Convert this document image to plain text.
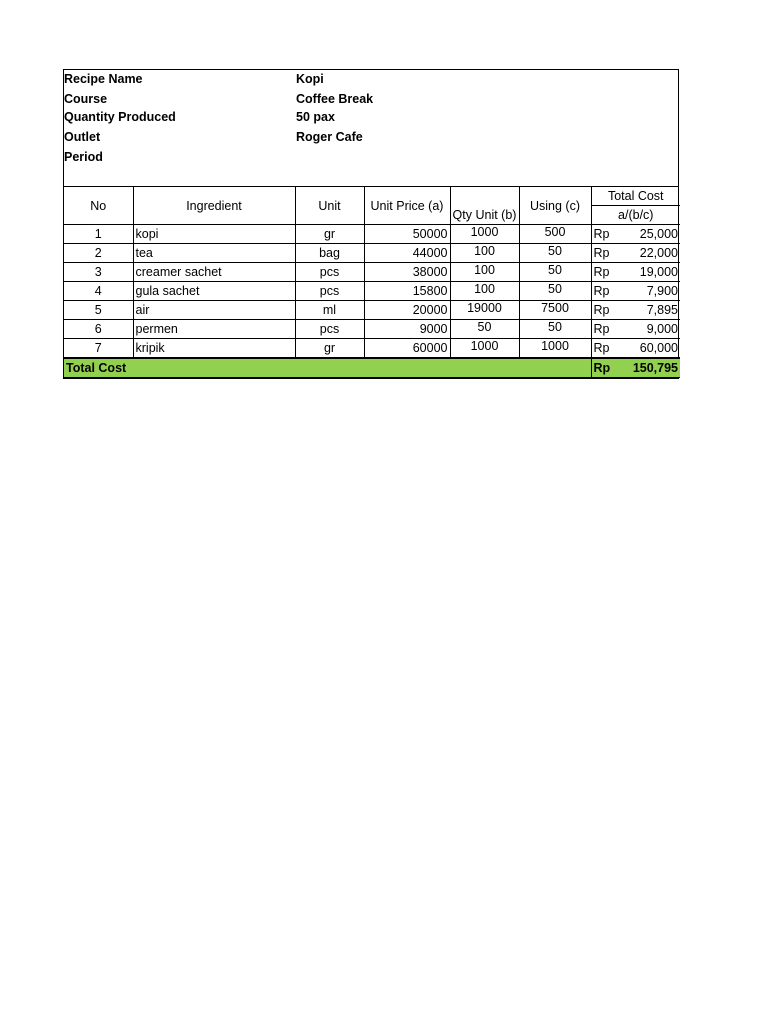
Recipe Name	Kopi
Course	Coffee Break
Quantity Produced	50 pax
Outlet	Roger Cafe
Period
No	Ingredient	Unit	Unit Price (a)	Qty Unit (b)	Using (c)	Total Cost
						a/(b/c)
1	kopi	gr	50000	1000	500	Rp 25,000

2	tea	bag	44000	100	50	Rp 22,000

3	creamer sachet	pcs	38000	100	50	Rp 19,000

4	gula sachet	pcs	15800	100	50	Rp 7,900

5	air	ml	20000	19000	7500	Rp 7,895

6	permen	pcs	9000	50	50	Rp 9,000

7	kripik	gr	60000	1000	1000	Rp 60,000

Total Cost						Rp 150,795
